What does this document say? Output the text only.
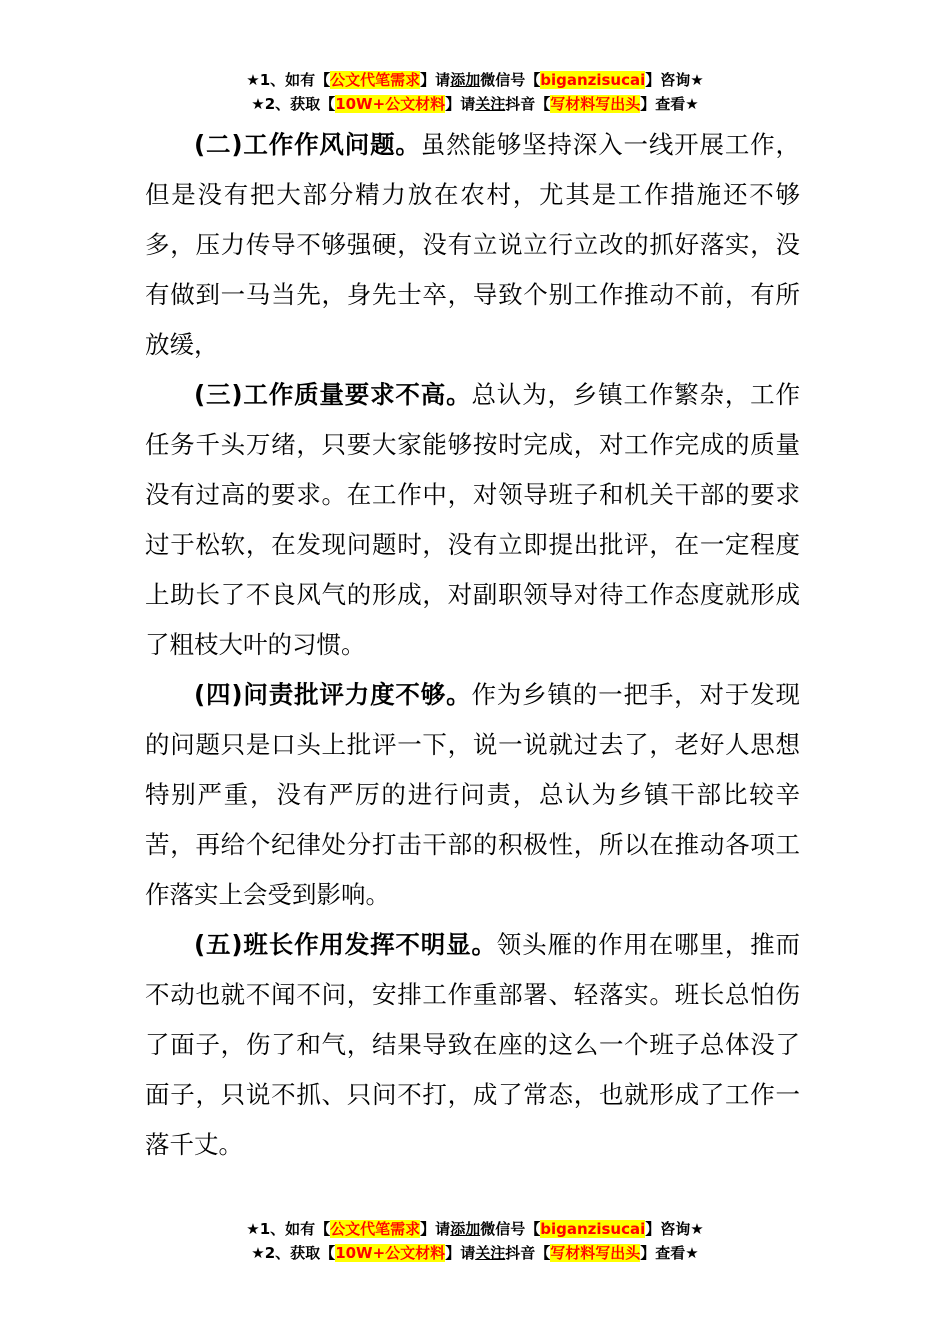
★1、如有【公文代笔需求】请添加微信号【biganzisucai】咨询★
★2、获取【10W+公文材料】请关注抖音【写材料写出头】查看★

(二)工作作风问题。虽然能够坚持深入一线开展工作，但是没有把大部分精力放在农村，尤其是工作措施还不够多，压力传导不够强硬，没有立说立行立改的抓好落实，没有做到一马当先，身先士卒，导致个别工作推动不前，有所放缓，

(三)工作质量要求不高。总认为，乡镇工作繁杂，工作任务千头万绪，只要大家能够按时完成，对工作完成的质量没有过高的要求。在工作中，对领导班子和机关干部的要求过于松软，在发现问题时，没有立即提出批评，在一定程度上助长了不良风气的形成，对副职领导对待工作态度就形成了粗枝大叶的习惯。

(四)问责批评力度不够。作为乡镇的一把手，对于发现的问题只是口头上批评一下，说一说就过去了，老好人思想特别严重，没有严厉的进行问责，总认为乡镇干部比较辛苦，再给个纪律处分打击干部的积极性，所以在推动各项工作落实上会受到影响。

(五)班长作用发挥不明显。领头雁的作用在哪里，推而不动也就不闻不问，安排工作重部署、轻落实。班长总怕伤了面子，伤了和气，结果导致在座的这么一个班子总体没了面子，只说不抓、只问不打，成了常态，也就形成了工作一落千丈。

★1、如有【公文代笔需求】请添加微信号【biganzisucai】咨询★
★2、获取【10W+公文材料】请关注抖音【写材料写出头】查看★
